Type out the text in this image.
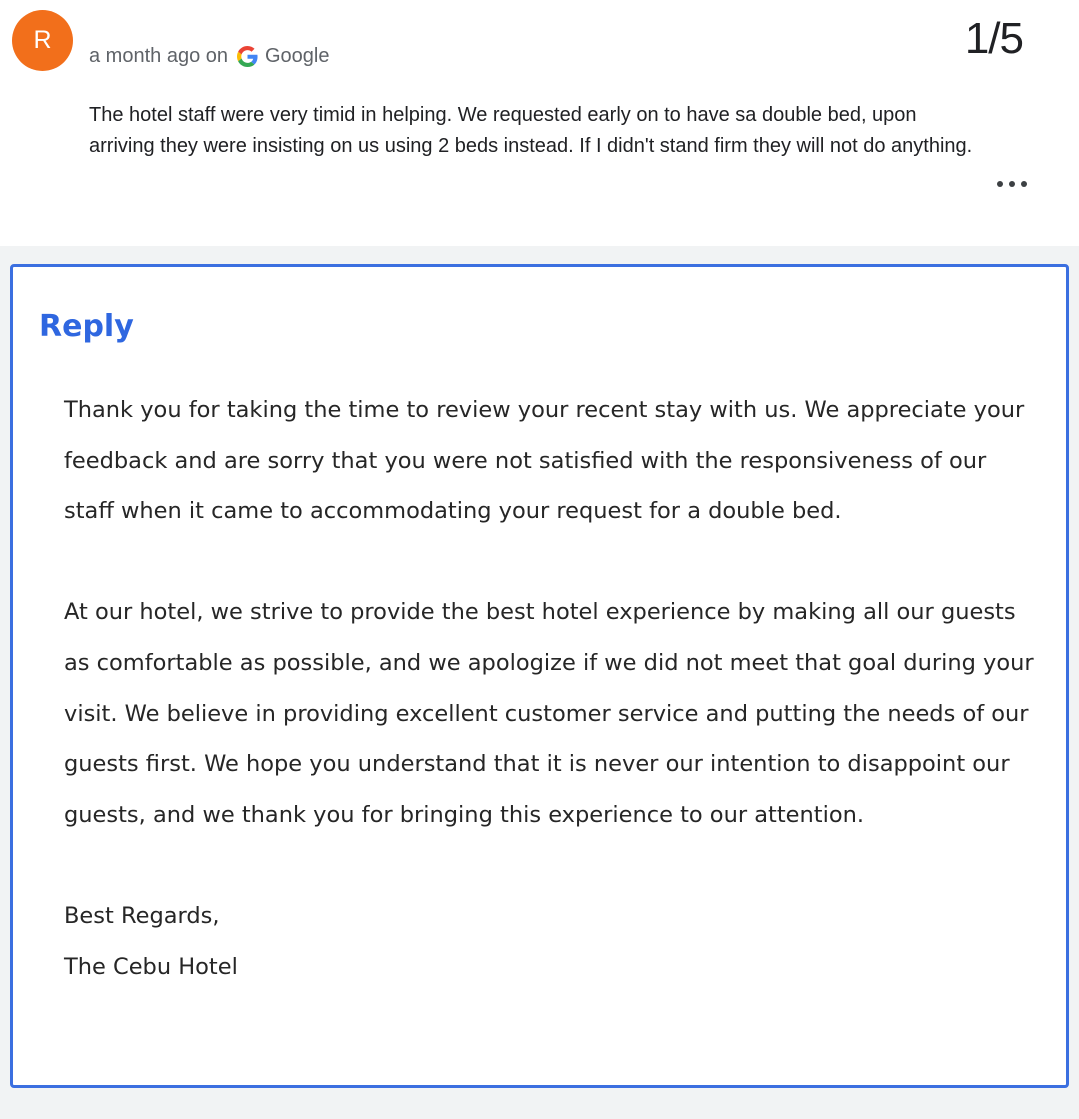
R
a month ago on Google	1/5

The hotel staff were very timid in helping. We requested early on to have sa double bed, upon arriving they were insisting on us using 2 beds instead. If I didn't stand firm they will not do anything.

Reply

Thank you for taking the time to review your recent stay with us. We appreciate your feedback and are sorry that you were not satisfied with the responsiveness of our staff when it came to accommodating your request for a double bed.

At our hotel, we strive to provide the best hotel experience by making all our guests as comfortable as possible, and we apologize if we did not meet that goal during your visit. We believe in providing excellent customer service and putting the needs of our guests first. We hope you understand that it is never our intention to disappoint our guests, and we thank you for bringing this experience to our attention.

Best Regards,

The Cebu Hotel
